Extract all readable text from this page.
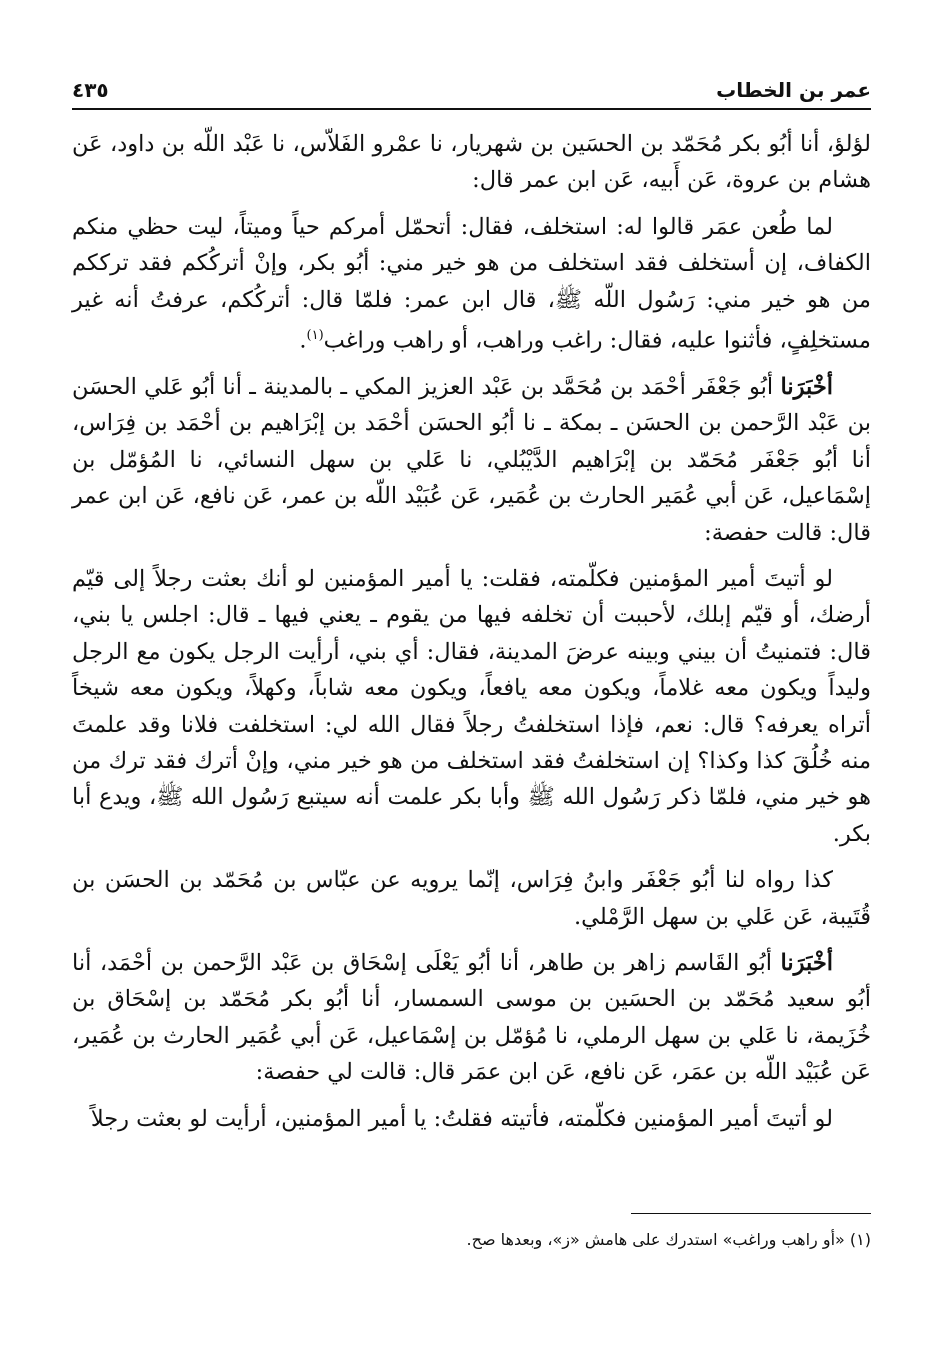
عمر بن الخطاب
٤٣٥

لؤلؤ، أنا أبُو بكر مُحَمّد بن الحسَين بن شهريار، نا عمْرو الفَلاّس، نا عَبْد اللّه بن داود، عَن هشام بن عروة، عَن أَبيه، عَن ابن عمر قال:

لما طُعن عمَر قالوا له: استخلف، فقال: أتحمّل أمركم حياً وميتاً، ليت حظي منكم الكفاف، إن أستخلف فقد استخلف من هو خير مني: أبُو بكر، وإنْ أتركُكم فقد ترككم من هو خير مني: رَسُول اللّه ﷺ، قال ابن عمر: فلمّا قال: أتركُكم، عرفتُ أنه غير مستخلِفٍ، فأثنوا عليه، فقال: راغب وراهب، أو راهب وراغب$^{(١)}$.

أخْبَرَنا أبُو جَعْفَر أحْمَد بن مُحَمَّد بن عَبْد العزيز المكي ـ بالمدينة ـ أنا أبُو عَلي الحسَن بن عَبْد الرَّحمن بن الحسَن ـ بمكة ـ نا أبُو الحسَن أحْمَد بن إبْرَاهيم بن أحْمَد بن فِرَاس، أنا أبُو جَعْفَر مُحَمّد بن إبْرَاهيم الدَّيْبُلي، نا عَلي بن سهل النسائي، نا المُؤمّل بن إسْمَاعيل، عَن أبي عُمَير الحارث بن عُمَير، عَن عُبَيْد اللّه بن عمر، عَن نافع، عَن ابن عمر قال: قالت حفصة:

لو أتيتَ أمير المؤمنين فكلّمته، فقلت: يا أمير المؤمنين لو أنك بعثت رجلاً إلى قيّم أرضك، أو قيّم إبلك، لأحببت أن تخلفه فيها من يقوم ـ يعني فيها ـ قال: اجلس يا بني، قال: فتمنيتُ أن بيني وبينه عرضَ المدينة، فقال: أي بني، أرأيت الرجل يكون مع الرجل وليداً ويكون معه غلاماً، ويكون معه يافعاً، ويكون معه شاباً، وكهلاً، ويكون معه شيخاً أتراه يعرفه؟ قال: نعم، فإذا استخلفتُ رجلاً فقال الله لي: استخلفت فلانا وقد علمتَ منه خُلُقَ كذا وكذا؟ إن استخلفتُ فقد استخلف من هو خير مني، وإنْ أترك فقد ترك من هو خير مني، فلمّا ذكر رَسُول الله ﷺ وأبا بكر علمت أنه سيتبع رَسُول الله ﷺ، ويدع أبا بكر.

كذا رواه لنا أبُو جَعْفَر وابنُ فِرَاس، إنّما يرويه عن عبّاس بن مُحَمّد بن الحسَن بن قُتَيبة، عَن عَلي بن سهل الرَّمْلي.

أخْبَرَنا أبُو القَاسم زاهر بن طاهر، أنا أبُو يَعْلَى إسْحَاق بن عَبْد الرَّحمن بن أحْمَد، أنا أبُو سعيد مُحَمّد بن الحسَين بن موسى السمسار، أنا أبُو بكر مُحَمّد بن إسْحَاق بن خُزَيمة، نا عَلي بن سهل الرملي، نا مُؤمّل بن إسْمَاعيل، عَن أبي عُمَير الحارث بن عُمَير، عَن عُبَيْد اللّه بن عمَر، عَن نافع، عَن ابن عمَر قال: قالت لي حفصة:

لو أتيتَ أمير المؤمنين فكلّمته، فأتيته فقلتُ: يا أمير المؤمنين، أرأيت لو بعثت رجلاً

(١) «أو راهب وراغب» استدرك على هامش «ز»، وبعدها صح.
